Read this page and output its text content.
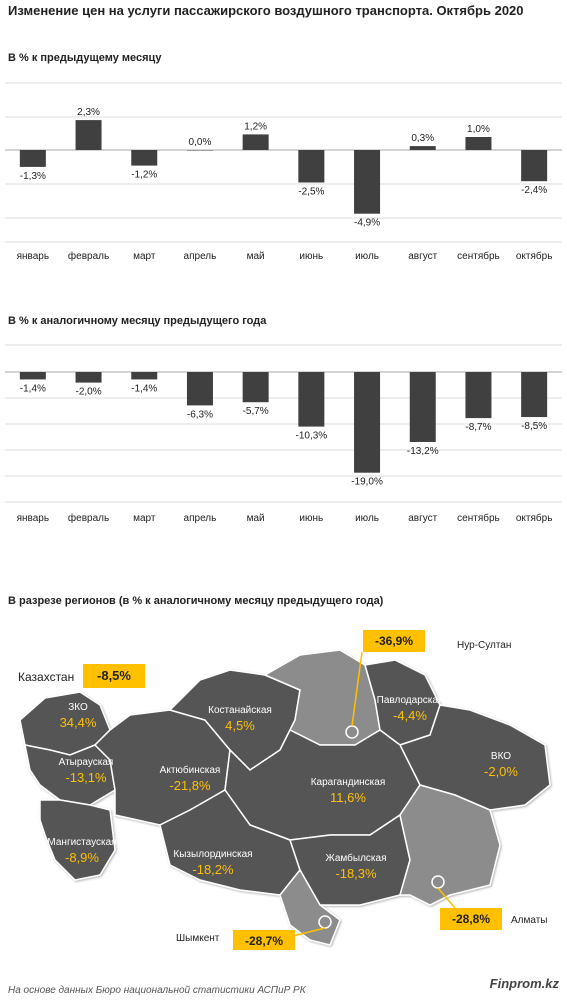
Изменение цен на услуги пассажирского воздушного транспорта. Октябрь 2020
В % к предыдущему месяцу
-1,3%
январь
2,3%
февраль
-1,2%
март
0,0%
апрель
1,2%
май
-2,5%
июнь
-4,9%
июль
0,3%
август
1,0%
сентябрь
-2,4%
октябрь
В % к аналогичному месяцу предыдущего года
-1,4%
январь
-2,0%
февраль
-1,4%
март
-6,3%
апрель
-5,7%
май
-10,3%
июнь
-19,0%
июль
-13,2%
август
-8,7%
сентябрь
-8,5%
октябрь
В разрезе регионов (в % к аналогичному месяцу предыдущего года)
ЗКО
34,4%
Атырауская
-13,1%
Мангистауская
-8,9%
Актюбинская
-21,8%
Костанайская
4,5%
Кызылординская
-18,2%
Карагандинская
11,6%
Павлодарская
-4,4%
ВКО
-2,0%
Жамбылская
-18,3%
-36,9%	Нур-Султан
-28,8% Алматы
-28,7%
Шымкент
Казахстан	-8,5%
На основе данных Бюро национальной статистики АСПиР РК	Finprom.kz
